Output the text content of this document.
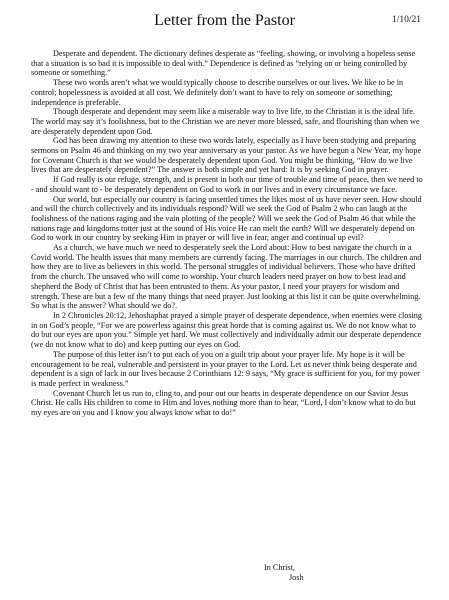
Letter from the Pastor	1/10/21

Desperate and dependent. The dictionary defines desperate as “feeling, showing, or involving a hopeless sense that a situation is so bad it is impossible to deal with.” Dependence is defined as “relying on or being controlled by someone or something.”

These two words aren’t what we would typically choose to describe ourselves or our lives. We like to be in control; hopelessness is avoided at all cost. We definitely don’t want to have to rely on someone or something; independence is preferable.

Though desperate and dependent may seem like a miserable way to live life, to the Christian it is the ideal life. The world may say it’s foolishness, but to the Christian we are never more blessed, safe, and flourishing than when we are desperately dependent upon God.

God has been drawing my attention to these two words lately, especially as I have been studying and preparing sermons on Psalm 46 and thinking on my two year anniversary as your pastor. As we have begun a New Year, my hope for Covenant Church is that we would be desperately dependent upon God. You might be thinking, “How do we live lives that are desperately dependent?” The answer is both simple and yet hard: It is by seeking God in prayer.

If God really is our refuge, strength, and is present in both our time of trouble and time of peace, then we need to - and should want to - be desperately dependent on God to work in our lives and in every circumstance we face.

Our world, but especially our country is facing unsettled times the likes most of us have never seen. How should and will the church collectively and its individuals respond? Will we seek the God of Psalm 2 who can laugh at the foolishness of the nations raging and the vain plotting of the people? Will we seek the God of Psalm 46 that while the nations rage and kingdoms totter just at the sound of His voice He can melt the earth? Will we desperately depend on God to work in our country by seeking Him in prayer or will live in fear, anger and continual up evil?

As a church, we have much we need to desperately seek the Lord about: How to best navigate the church in a Covid world. The health issues that many members are currently facing. The marriages in our church. The children and how they are to live as believers in this world. The personal struggles of individual believers. Those who have drifted from the church. The unsaved who will come to worship. Your church leaders need prayer on how to best lead and shepherd the Body of Christ that has been entrusted to them. As your pastor, I need your prayers for wisdom and strength. These are but a few of the many things that need prayer. Just looking at this list it can be quite overwhelming.

So what is the answer? What should we do?.

In 2 Chronicles 20:12, Jehoshaphat prayed a simple prayer of desperate dependence, when enemies were closing in on God’s people, “For we are powerless against this great horde that is coming against us. We do not know what to do but our eyes are upon you.” Simple yet hard. We must collectively and individually admit our desperate dependence (we do not know what to do) and keep putting our eyes on God.

The purpose of this letter isn’t to put each of you on a guilt trip about your prayer life. My hope is it will be encouragement to be real, vulnerable and persistent in your prayer to the Lord. Let us never think being desperate and dependent is a sign of lack in our lives because 2 Corinthians 12: 9 says, “My grace is sufficient for you, for my power is made perfect in weakness.”

Covenant Church let us run to, cling to, and pour out our hearts in desperate dependence on our Savior Jesus Christ. He calls His children to come to Him and loves nothing more than to hear, “Lord, I don’t know what to do but my eyes are on you and I know you always know what to do!”

In Christ,
Josh
